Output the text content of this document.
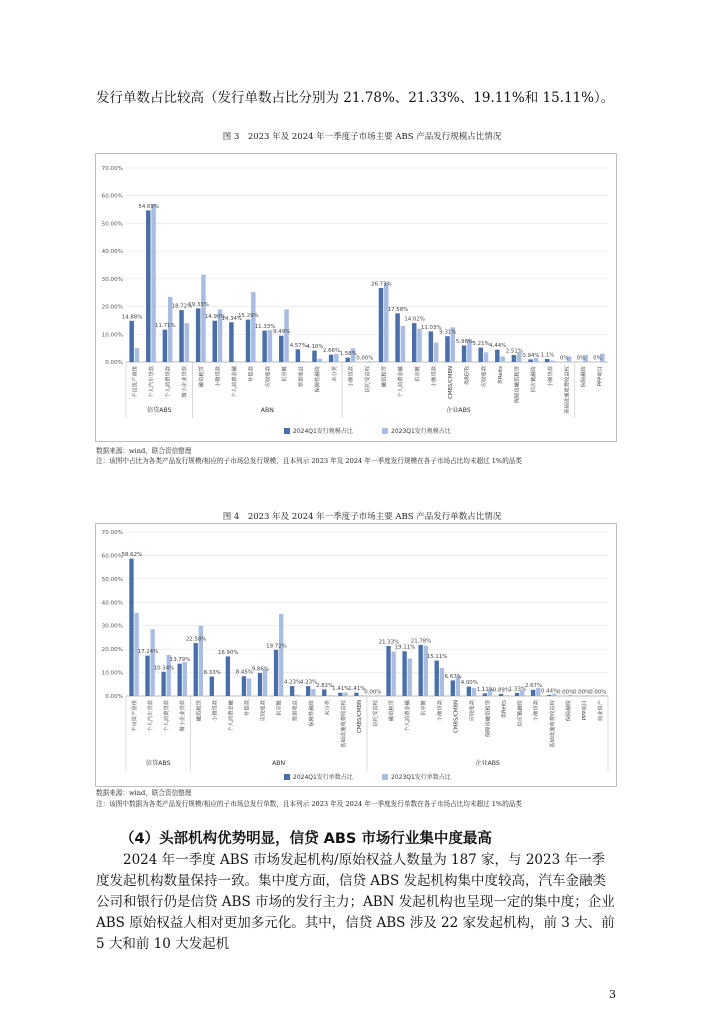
发行单数占比较高（发行单数占比分别为 21.78%、21.33%、19.11%和 15.11%）。

图 3　2023 年及 2024 年一季度子市场主要 ABS 产品发行规模占比情况
0.00%
10.00%
20.00%
30.00%
40.00%
50.00%
60.00%
70.00%
14.88%
不良资产重组
54.69%
个人汽车贷款
11.71%
个人消费贷款
18.72%
微小企业贷款
19.33%
融资租赁
14.90%
小微贷款
14.34%
个人消费金融
15.29%
补偿款
11.33%
应收账款
9.49%
供应链
4.57%
票据收益
4.10%
保障性融资
2.66%
未分类
1.58%
小额贷款
0.00%
信托受益权
26.73%
融资租赁
17.58%
个人消费金融
14.02%
供应链
11.03%
小额贷款
9.31%
CMBS/CMBN
5.98%
类REITs
5.21%
应收账款
4.44%
类Reits
2.51%
保障房融资租赁
0.94%
供应链融资
1.1%
小额贷款
0%
基础设施收费收益权
0%
保险融资
0%
PPP项目
信贷ABS	ABN	企业ABS
2024Q1发行规模占比	2023Q1发行规模占比
数据来源：wind，联合资信整理
注：该图中占比为各类产品发行规模/相应的子市场总发行规模，且本列示 2023 年及 2024 年一季度发行规模在各子市场占比均未超过 1%的品类
图 4　2023 年及 2024 年一季度子市场主要 ABS 产品发行单数占比情况
0.00%
10.00%
20.00%
30.00%
40.00%
50.00%
60.00%
70.00%
58.62%
不良资产重组
17.24%
个人汽车贷款
10.34%
个人消费贷款
13.79%
微小企业贷款
22.58%
融资租赁
8.33%
小微贷款
16.90%
个人消费金融
8.45%
补偿款
9.86%
应收账款
19.72%
供应链
4.23%
票据收益
4.23%
保障性融资
2.82%
未分类
1.41%
基础设施收费收益权
1.41%
CMBS/CMBN
0.00%
信托受益权
21.33%
融资租赁
19.11%
个人消费金融
21.78%
供应链
15.11%
小额贷款
6.67%
CMBS/CMBN
4.00%
应收账款
1.11%
保障房融资租赁
0.89%
类Reits
1.33%
供应链融资
2.67%
小额贷款
0.44%
基础设施收费收益权
0.00%
保险融资
0.00%
PPP项目
0.00%
商业资产
信贷ABS	ABN	企业ABS
2024Q1发行单数占比	2023Q1发行单数占比
数据来源：wind，联合资信整理
注：该图中数据为各类产品发行规模/相应的子市场总发行单数，且本列示 2023 年及 2024 年一季度发行单数在各子市场占比均未超过 1%的品类
（4）头部机构优势明显，信贷 ABS 市场行业集中度最高

2024 年一季度 ABS 市场发起机构/原始权益人数量为 187 家，与 2023 年一季度发起机构数量保持一致。集中度方面，信贷 ABS 发起机构集中度较高，汽车金融类公司和银行仍是信贷 ABS 市场的发行主力；ABN 发起机构也呈现一定的集中度；企业 ABS 原始权益人相对更加多元化。其中，信贷 ABS 涉及 22 家发起机构，前 3 大、前 5 大和前 10 大发起机

3
